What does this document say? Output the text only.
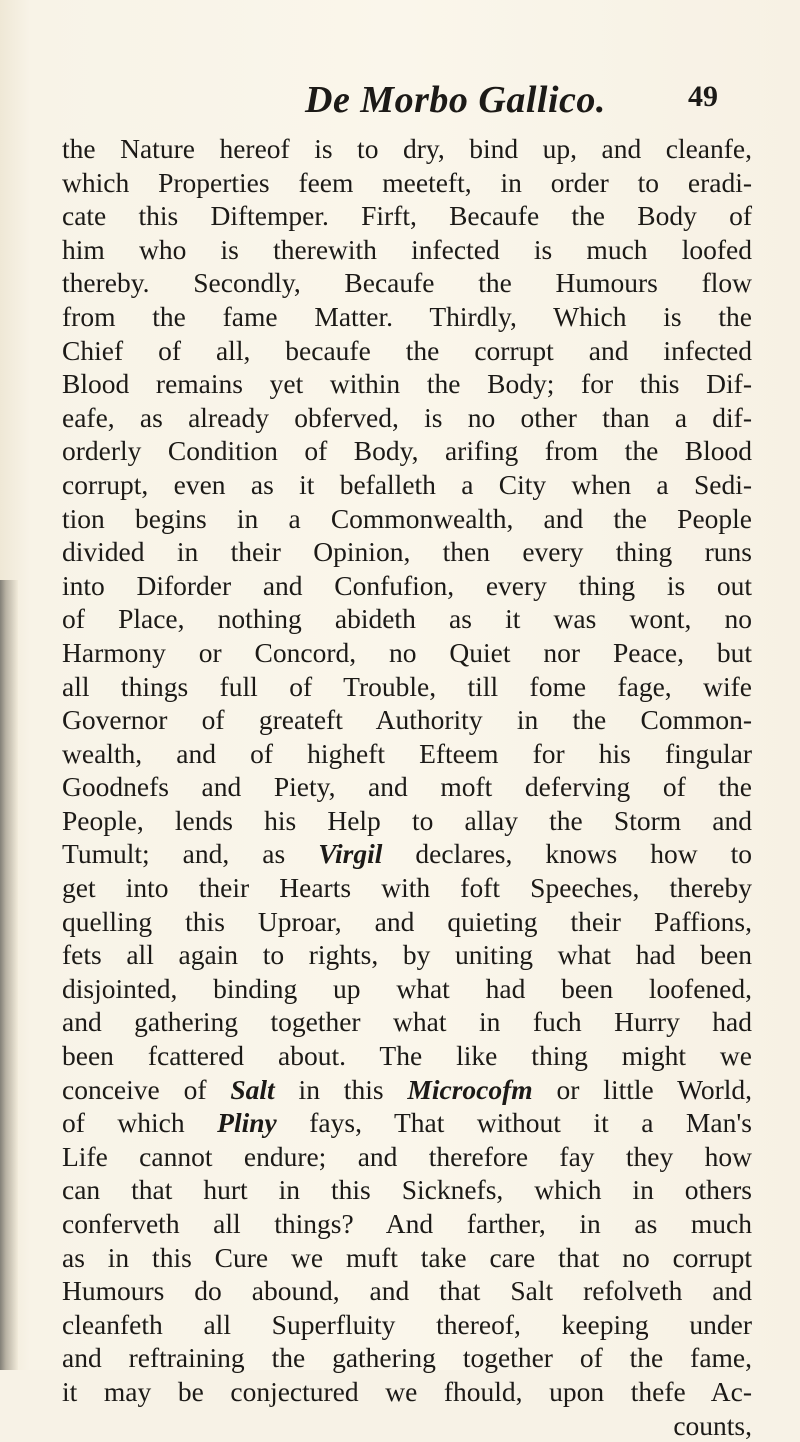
De Morbo Gallico.	49
the Nature hereof is to dry, bind up, and cleanfe,
which Properties feem meeteft, in order to eradi-
cate this Diftemper. Firft, Becaufe the Body of
him who is therewith infected is much loofed
thereby. Secondly, Becaufe the Humours flow
from the fame Matter. Thirdly, Which is the
Chief of all, becaufe the corrupt and infected
Blood remains yet within the Body; for this Dif-
eafe, as already obferved, is no other than a dif-
orderly Condition of Body, arifing from the Blood
corrupt, even as it befalleth a City when a Sedi-
tion begins in a Commonwealth, and the People
divided in their Opinion, then every thing runs
into Diforder and Confufion, every thing is out
of Place, nothing abideth as it was wont, no
Harmony or Concord, no Quiet nor Peace, but
all things full of Trouble, till fome fage, wife
Governor of greateft Authority in the Common-
wealth, and of higheft Efteem for his fingular
Goodnefs and Piety, and moft deferving of the
People, lends his Help to allay the Storm and
Tumult; and, as Virgil declares, knows how to
get into their Hearts with foft Speeches, thereby
quelling this Uproar, and quieting their Paffions,
fets all again to rights, by uniting what had been
disjointed, binding up what had been loofened,
and gathering together what in fuch Hurry had
been fcattered about. The like thing might we
conceive of Salt in this Microcofm or little World,
of which Pliny fays, That without it a Man's
Life cannot endure; and therefore fay they how
can that hurt in this Sicknefs, which in others
conferveth all things? And farther, in as much
as in this Cure we muft take care that no corrupt
Humours do abound, and that Salt refolveth and
cleanfeth all Superfluity thereof, keeping under
and reftraining the gathering together of the fame,
it may be conjectured we fhould, upon thefe Ac-
counts,
